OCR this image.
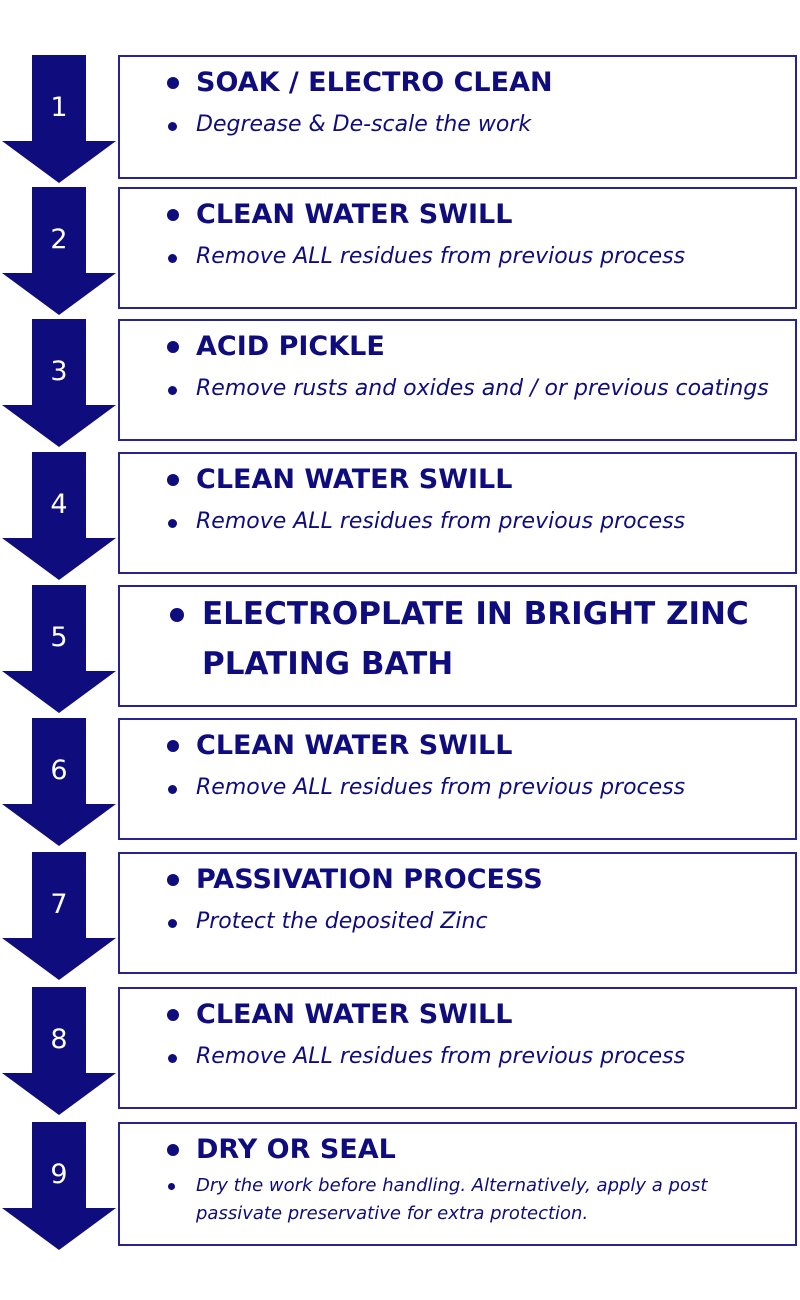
1

SOAK / ELECTRO CLEAN

Degrease & De-scale the work

2

CLEAN WATER SWILL

Remove ALL residues from previous process

3

ACID PICKLE

Remove rusts and oxides and / or previous coatings

4

CLEAN WATER SWILL

Remove ALL residues from previous process

5

ELECTROPLATE IN BRIGHT ZINC PLATING BATH

6

CLEAN WATER SWILL

Remove ALL residues from previous process

7

PASSIVATION PROCESS

Protect the deposited Zinc

8

CLEAN WATER SWILL

Remove ALL residues from previous process

9

DRY OR SEAL

Dry the work before handling. Alternatively, apply a post passivate preservative for extra protection.
